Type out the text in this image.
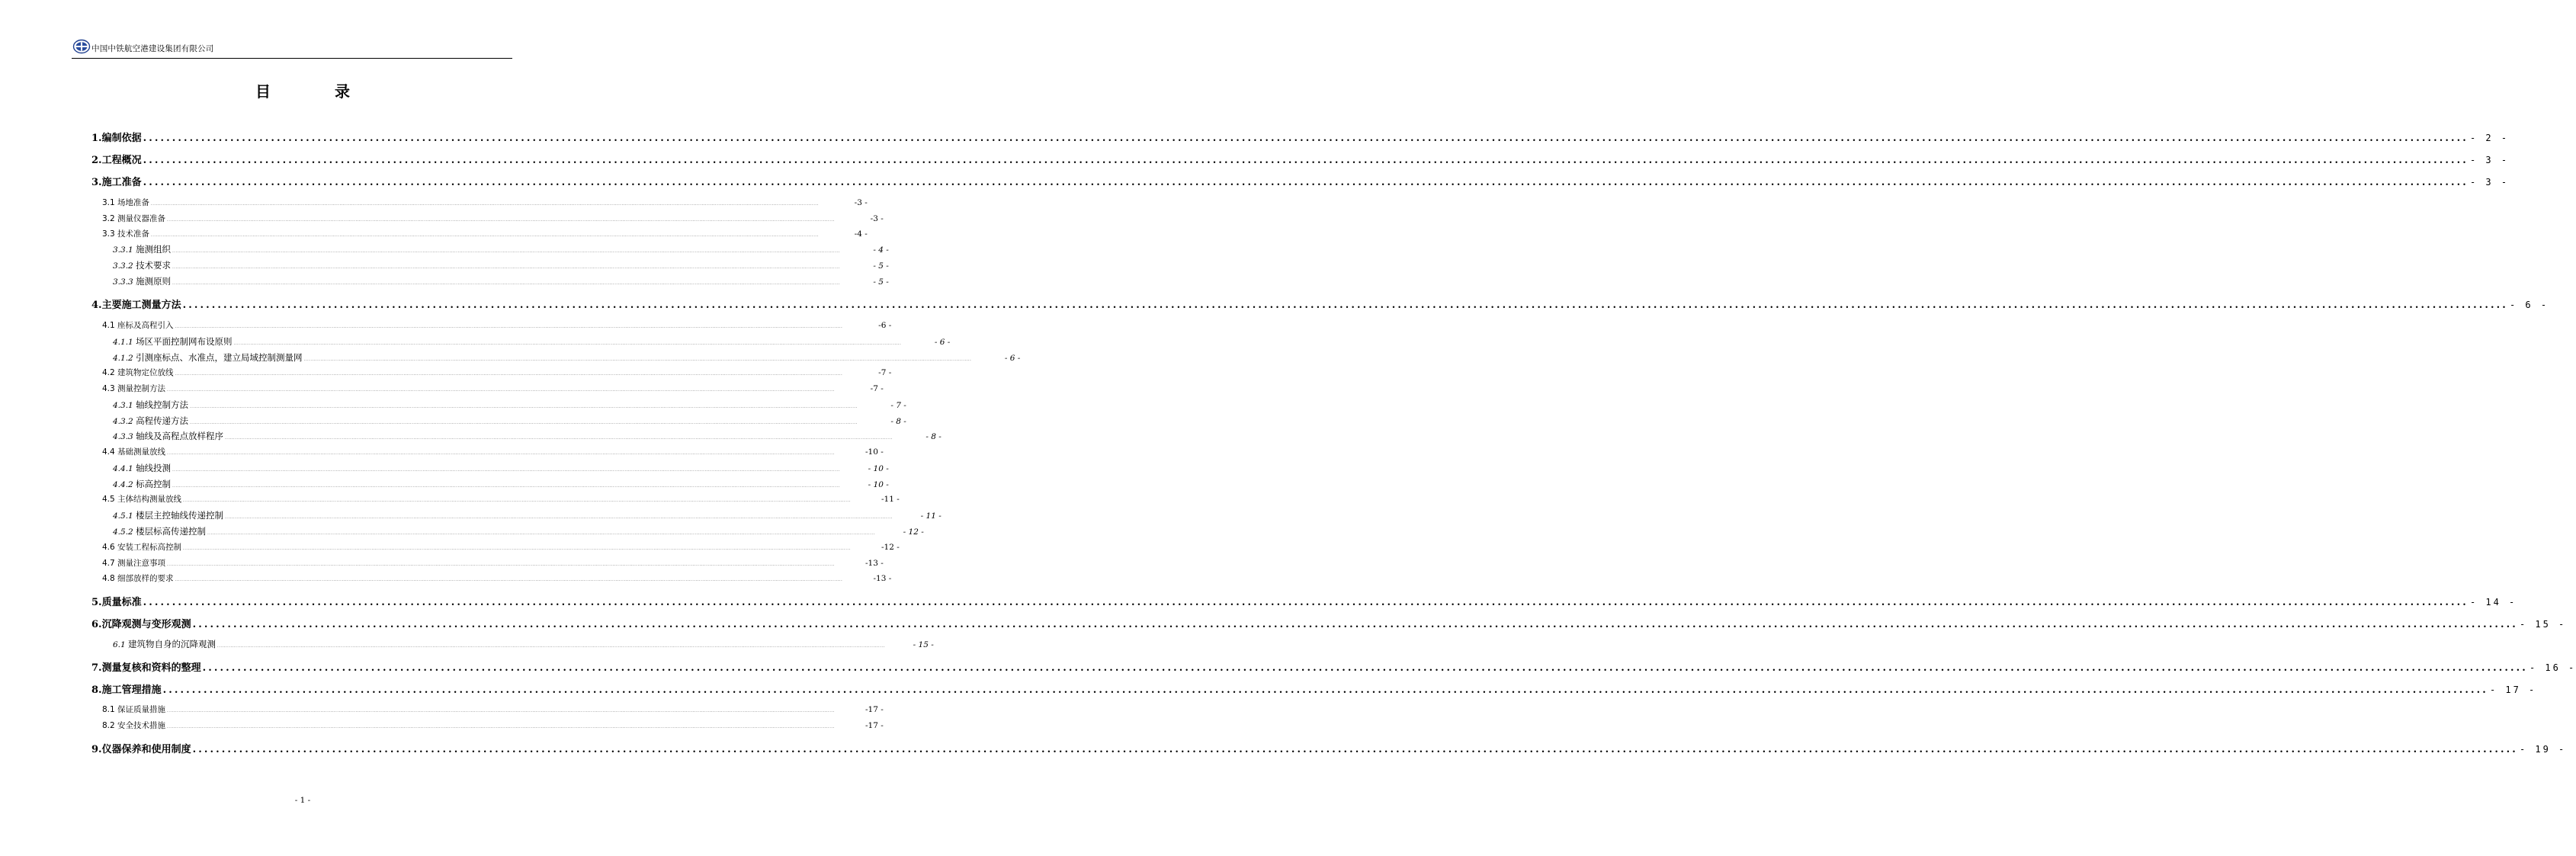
中国中铁航空港建设集团有限公司
目	录
1.编制依据 ................................................................................................................................................................................................................................................................................................................................................................................................................ - 2 -
2.工程概况 ................................................................................................................................................................................................................................................................................................................................................................................................................ - 3 -
3.施工准备 ................................................................................................................................................................................................................................................................................................................................................................................................................ - 3 -
3.1 场地准备 ................................................................................................................................................................................................................................................................................................................................................................................................................	-3 -
3.2 测量仪器准备 ................................................................................................................................................................................................................................................................................................................................................................................................................	-3 -
3.3 技术准备 ................................................................................................................................................................................................................................................................................................................................................................................................................	-4 -
3.3.1 施测组织 ................................................................................................................................................................................................................................................................................................................................................................................................................	- 4 -
3.3.2 技术要求 ................................................................................................................................................................................................................................................................................................................................................................................................................	- 5 -
3.3.3 施测原则 ................................................................................................................................................................................................................................................................................................................................................................................................................	- 5 -
4.主要施工测量方法 ................................................................................................................................................................................................................................................................................................................................................................................................................ - 6 -
4.1 座标及高程引入 ................................................................................................................................................................................................................................................................................................................................................................................................................	-6 -
4.1.1 场区平面控制网布设原则 ................................................................................................................................................................................................................................................................................................................................................................................................................	- 6 -
4.1.2 引测座标点、水准点，建立局域控制测量网 ................................................................................................................................................................................................................................................................................................................................................................................................................	- 6 -
4.2 建筑物定位放线 ................................................................................................................................................................................................................................................................................................................................................................................................................	-7 -
4.3 测量控制方法 ................................................................................................................................................................................................................................................................................................................................................................................................................	-7 -
4.3.1 轴线控制方法 ................................................................................................................................................................................................................................................................................................................................................................................................................	- 7 -
4.3.2 高程传递方法 ................................................................................................................................................................................................................................................................................................................................................................................................................	- 8 -
4.3.3 轴线及高程点放样程序 ................................................................................................................................................................................................................................................................................................................................................................................................................	- 8 -
4.4 基础测量放线 ................................................................................................................................................................................................................................................................................................................................................................................................................	-10 -
4.4.1 轴线投测 ................................................................................................................................................................................................................................................................................................................................................................................................................	- 10 -
4.4.2 标高控制 ................................................................................................................................................................................................................................................................................................................................................................................................................	- 10 -
4.5 主体结构测量放线 ................................................................................................................................................................................................................................................................................................................................................................................................................	-11 -
4.5.1 楼层主控轴线传递控制 ................................................................................................................................................................................................................................................................................................................................................................................................................	- 11 -
4.5.2 楼层标高传递控制 ................................................................................................................................................................................................................................................................................................................................................................................................................	- 12 -
4.6 安装工程标高控制 ................................................................................................................................................................................................................................................................................................................................................................................................................	-12 -
4.7 测量注意事项 ................................................................................................................................................................................................................................................................................................................................................................................................................	-13 -
4.8 细部放样的要求 ................................................................................................................................................................................................................................................................................................................................................................................................................	-13 -
5.质量标准 ................................................................................................................................................................................................................................................................................................................................................................................................................ - 14 -
6.沉降观测与变形观测 ................................................................................................................................................................................................................................................................................................................................................................................................................ - 15 -
6.1 建筑物自身的沉降观测 ................................................................................................................................................................................................................................................................................................................................................................................................................	- 15 -
7.测量复核和资料的整理 ................................................................................................................................................................................................................................................................................................................................................................................................................ - 16 -
8.施工管理措施 ................................................................................................................................................................................................................................................................................................................................................................................................................ - 17 -
8.1 保证质量措施 ................................................................................................................................................................................................................................................................................................................................................................................................................	-17 -
8.2 安全技术措施 ................................................................................................................................................................................................................................................................................................................................................................................................................	-17 -
9.仪器保养和使用制度 ................................................................................................................................................................................................................................................................................................................................................................................................................ - 19 -
- 1 -
